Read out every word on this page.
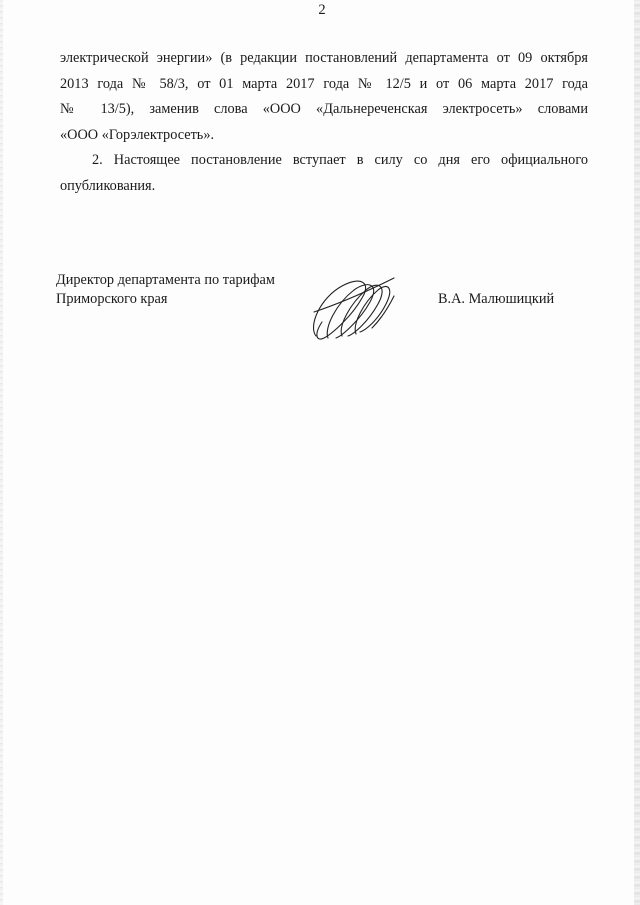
2
электрической энергии» (в редакции постановлений департамента от 09 октября
2013 года № 58/3, от 01 марта 2017 года № 12/5 и от 06 марта 2017 года
№ 13/5), заменив слова «ООО «Дальнереченская электросеть» словами
«ООО «Горэлектросеть».
2. Настоящее постановление вступает в силу со дня его официального
опубликования.
Директор департамента по тарифам
Приморского края	В.А. Малюшицкий
